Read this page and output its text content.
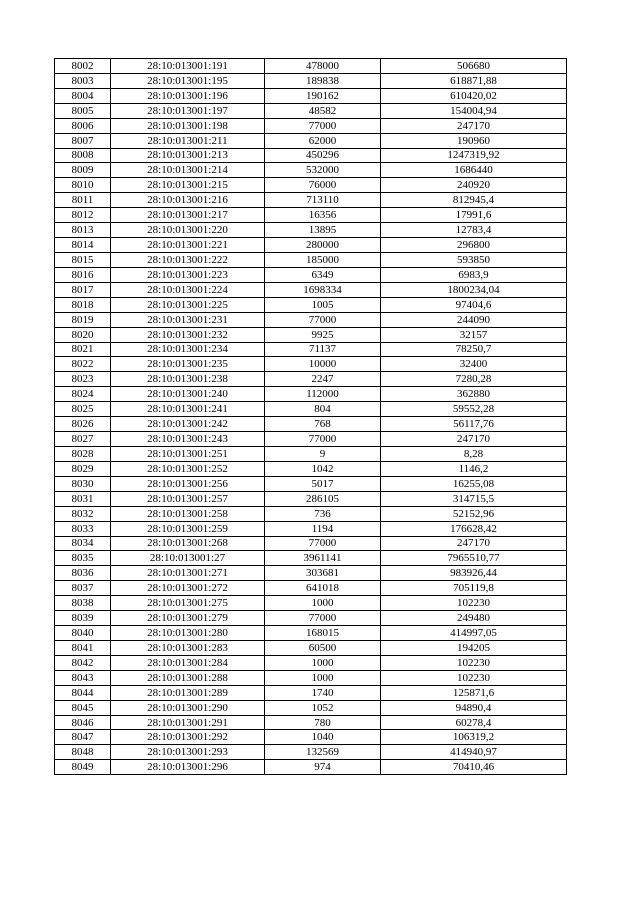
8002	28:10:013001:191	478000	506680
8003	28:10:013001:195	189838	618871,88
8004	28:10:013001:196	190162	610420,02
8005	28:10:013001:197	48582	154004,94
8006	28:10:013001:198	77000	247170
8007	28:10:013001:211	62000	190960
8008	28:10:013001:213	450296	1247319,92
8009	28:10:013001:214	532000	1686440
8010	28:10:013001:215	76000	240920
8011	28:10:013001:216	713110	812945,4
8012	28:10:013001:217	16356	17991,6
8013	28:10:013001:220	13895	12783,4
8014	28:10:013001:221	280000	296800
8015	28:10:013001:222	185000	593850
8016	28:10:013001:223	6349	6983,9
8017	28:10:013001:224	1698334	1800234,04
8018	28:10:013001:225	1005	97404,6
8019	28:10:013001:231	77000	244090
8020	28:10:013001:232	9925	32157
8021	28:10:013001:234	71137	78250,7
8022	28:10:013001:235	10000	32400
8023	28:10:013001:238	2247	7280,28
8024	28:10:013001:240	112000	362880
8025	28:10:013001:241	804	59552,28
8026	28:10:013001:242	768	56117,76
8027	28:10:013001:243	77000	247170
8028	28:10:013001:251	9	8,28
8029	28:10:013001:252	1042	1146,2
8030	28:10:013001:256	5017	16255,08
8031	28:10:013001:257	286105	314715,5
8032	28:10:013001:258	736	52152,96
8033	28:10:013001:259	1194	176628,42
8034	28:10:013001:268	77000	247170
8035	28:10:013001:27	3961141	7965510,77
8036	28:10:013001:271	303681	983926,44
8037	28:10:013001:272	641018	705119,8
8038	28:10:013001:275	1000	102230
8039	28:10:013001:279	77000	249480
8040	28:10:013001:280	168015	414997,05
8041	28:10:013001:283	60500	194205
8042	28:10:013001:284	1000	102230
8043	28:10:013001:288	1000	102230
8044	28:10:013001:289	1740	125871,6
8045	28:10:013001:290	1052	94890,4
8046	28:10:013001:291	780	60278,4
8047	28:10:013001:292	1040	106319,2
8048	28:10:013001:293	132569	414940,97
8049	28:10:013001:296	974	70410,46
